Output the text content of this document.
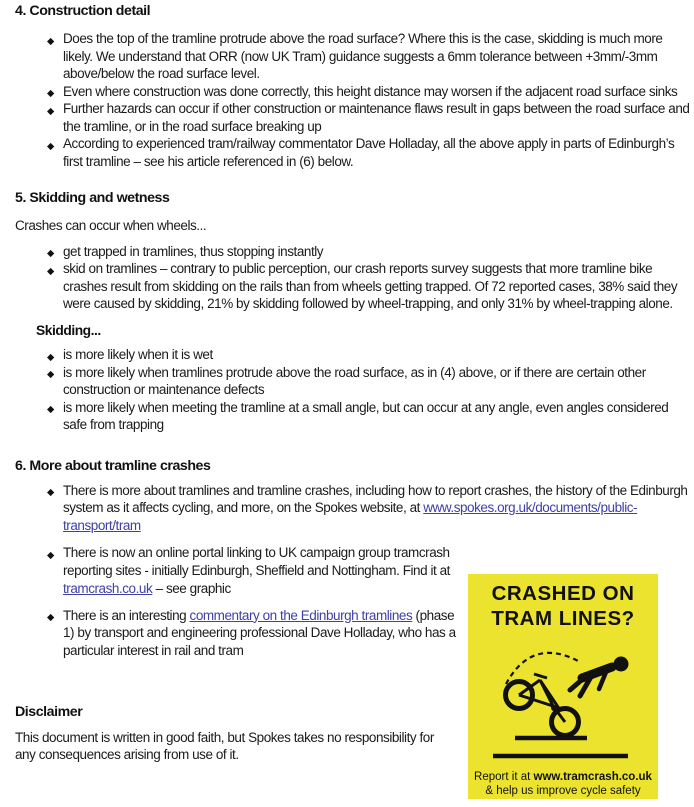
4. Construction detail
◆ Does the top of the tramline protrude above the road surface? Where this is the case, skidding is much more likely. We understand that ORR (now UK Tram) guidance suggests a 6mm tolerance between +3mm/-3mm above/below the road surface level.
◆ Even where construction was done correctly, this height distance may worsen if the adjacent road surface sinks
◆ Further hazards can occur if other construction or maintenance flaws result in gaps between the road surface and the tramline, or in the road surface breaking up
◆ According to experienced tram/railway commentator Dave Holladay, all the above apply in parts of Edinburgh’s first tramline – see his article referenced in (6) below.
5. Skidding and wetness

Crashes can occur when wheels...

◆ get trapped in tramlines, thus stopping instantly
◆ skid on tramlines – contrary to public perception, our crash reports survey suggests that more tramline bike crashes result from skidding on the rails than from wheels getting trapped. Of 72 reported cases, 38% said they were caused by skidding, 21% by skidding followed by wheel-trapping, and only 31% by wheel-trapping alone.
Skidding...
◆ is more likely when it is wet
◆ is more likely when tramlines protrude above the road surface, as in (4) above, or if there are certain other construction or maintenance defects
◆ is more likely when meeting the tramline at a small angle, but can occur at any angle, even angles considered safe from trapping
6. More about tramline crashes
◆ There is more about tramlines and tramline crashes, including how to report crashes, the history of the Edinburgh system as it affects cycling, and more, on the Spokes website, at www.spokes.org.uk/documents/public-transport/tram
◆ There is now an online portal linking to UK campaign group tramcrash reporting sites - initially Edinburgh, Sheffield and Nottingham. Find it at tramcrash.co.uk – see graphic
◆ There is an interesting commentary on the Edinburgh tramlines (phase 1) by transport and engineering professional Dave Holladay, who has a particular interest in rail and tram
Disclaimer

This document is written in good faith, but Spokes takes no responsibility for any consequences arising from use of it.

CRASHED ON
TRAM LINES?
Report it at www.tramcrash.co.uk
& help us improve cycle safety
